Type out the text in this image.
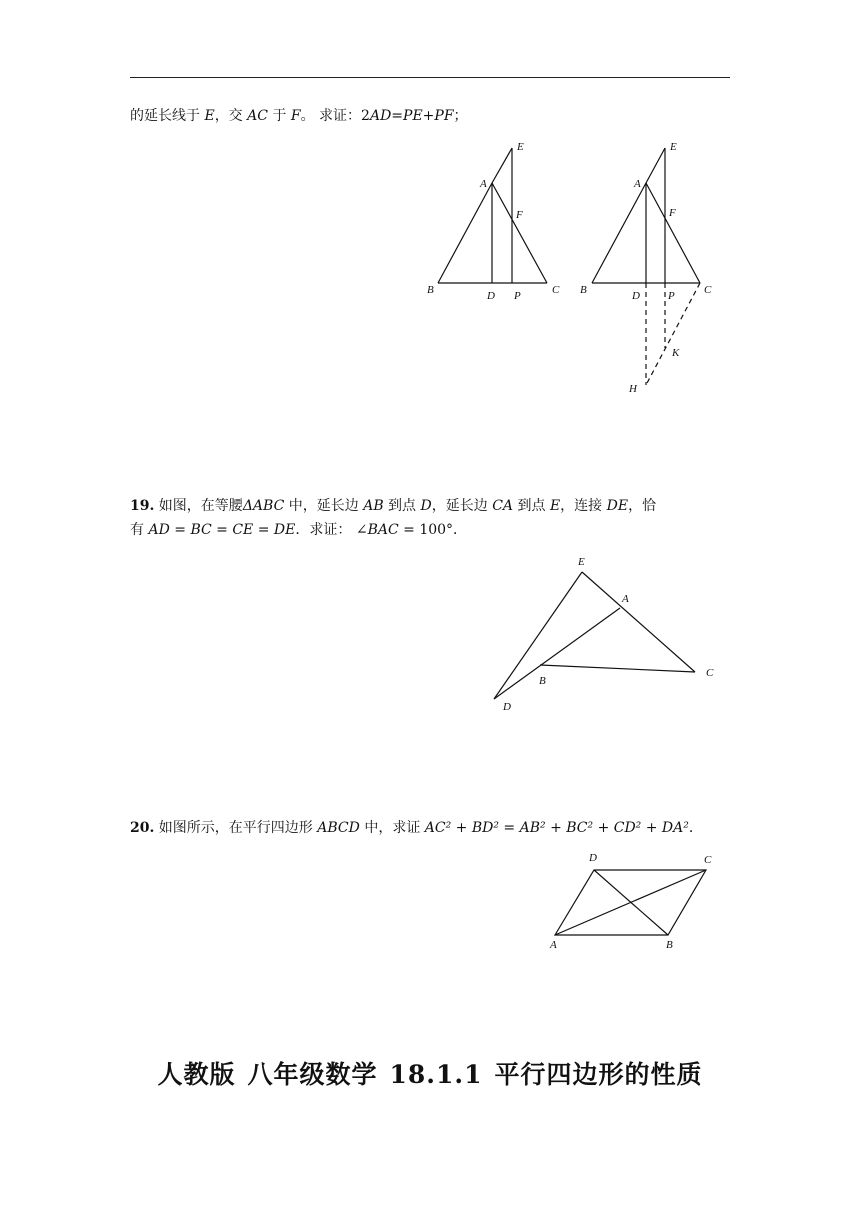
的延长线于 E，交 AC 于 F。 求证：2AD=PE+PF；
E
A
F
B	D P	C
E
A
F
B	D	P	C
K
H
19. 如图，在等腰ΔABC 中，延长边 AB 到点 D，延长边 CA 到点 E，连接 DE，恰
有 AD = BC = CE = DE．求证： ∠BAC = 100°．
E
A
C
B
D
20. 如图所示，在平行四边形 ABCD 中，求证 AC² + BD² = AB² + BC² + CD² + DA²．
D	C
A	B
人教版 八年级数学 18.1.1 平行四边形的性质
